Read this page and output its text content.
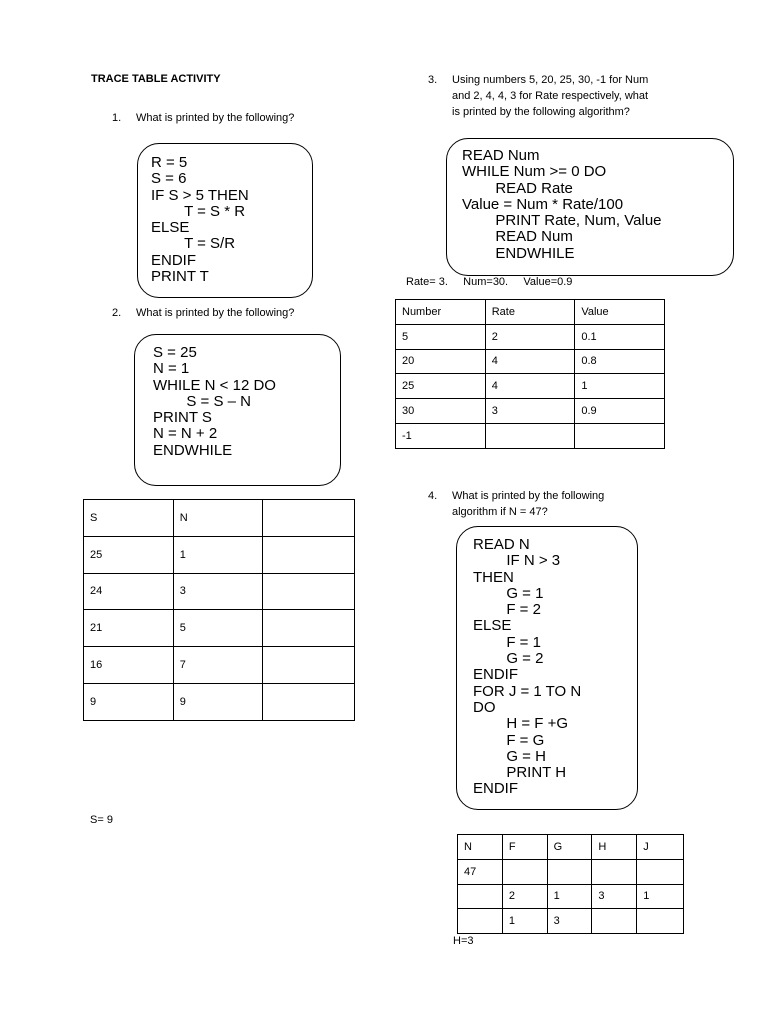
TRACE TABLE ACTIVITY
1. What is printed by the following?
R = 5
S = 6
IF S > 5 THEN
T = S * R
ELSE
T = S/R
ENDIF
PRINT T
2. What is printed by the following?
S = 25
N = 1
WHILE N < 12 DO
S = S – N
PRINT S
N = N + 2
ENDWHILE
S	N	
25	1	
24	3	
21	5	
16	7	
9	9	
S= 9
3. Using numbers 5, 20, 25, 30, -1 for Num
and 2, 4, 4, 3 for Rate respectively, what
is printed by the following algorithm?
READ Num
WHILE Num >= 0 DO
READ Rate
Value = Num * Rate/100
PRINT Rate, Num, Value
READ Num
ENDWHILE
Rate= 3.     Num=30.     Value=0.9
Number	Rate	Value
5	2	0.1
20	4	0.8
25	4	1
30	3	0.9
-1		
4. What is printed by the following
algorithm if N = 47?
READ N
IF N > 3
THEN
G = 1
F = 2
ELSE
F = 1
G = 2
ENDIF
FOR J = 1 TO N
DO
H = F +G
F = G
G = H
PRINT H
ENDIF
N	F	G	H	J
47				
	2	1	3	1
	1	3		
H=3
